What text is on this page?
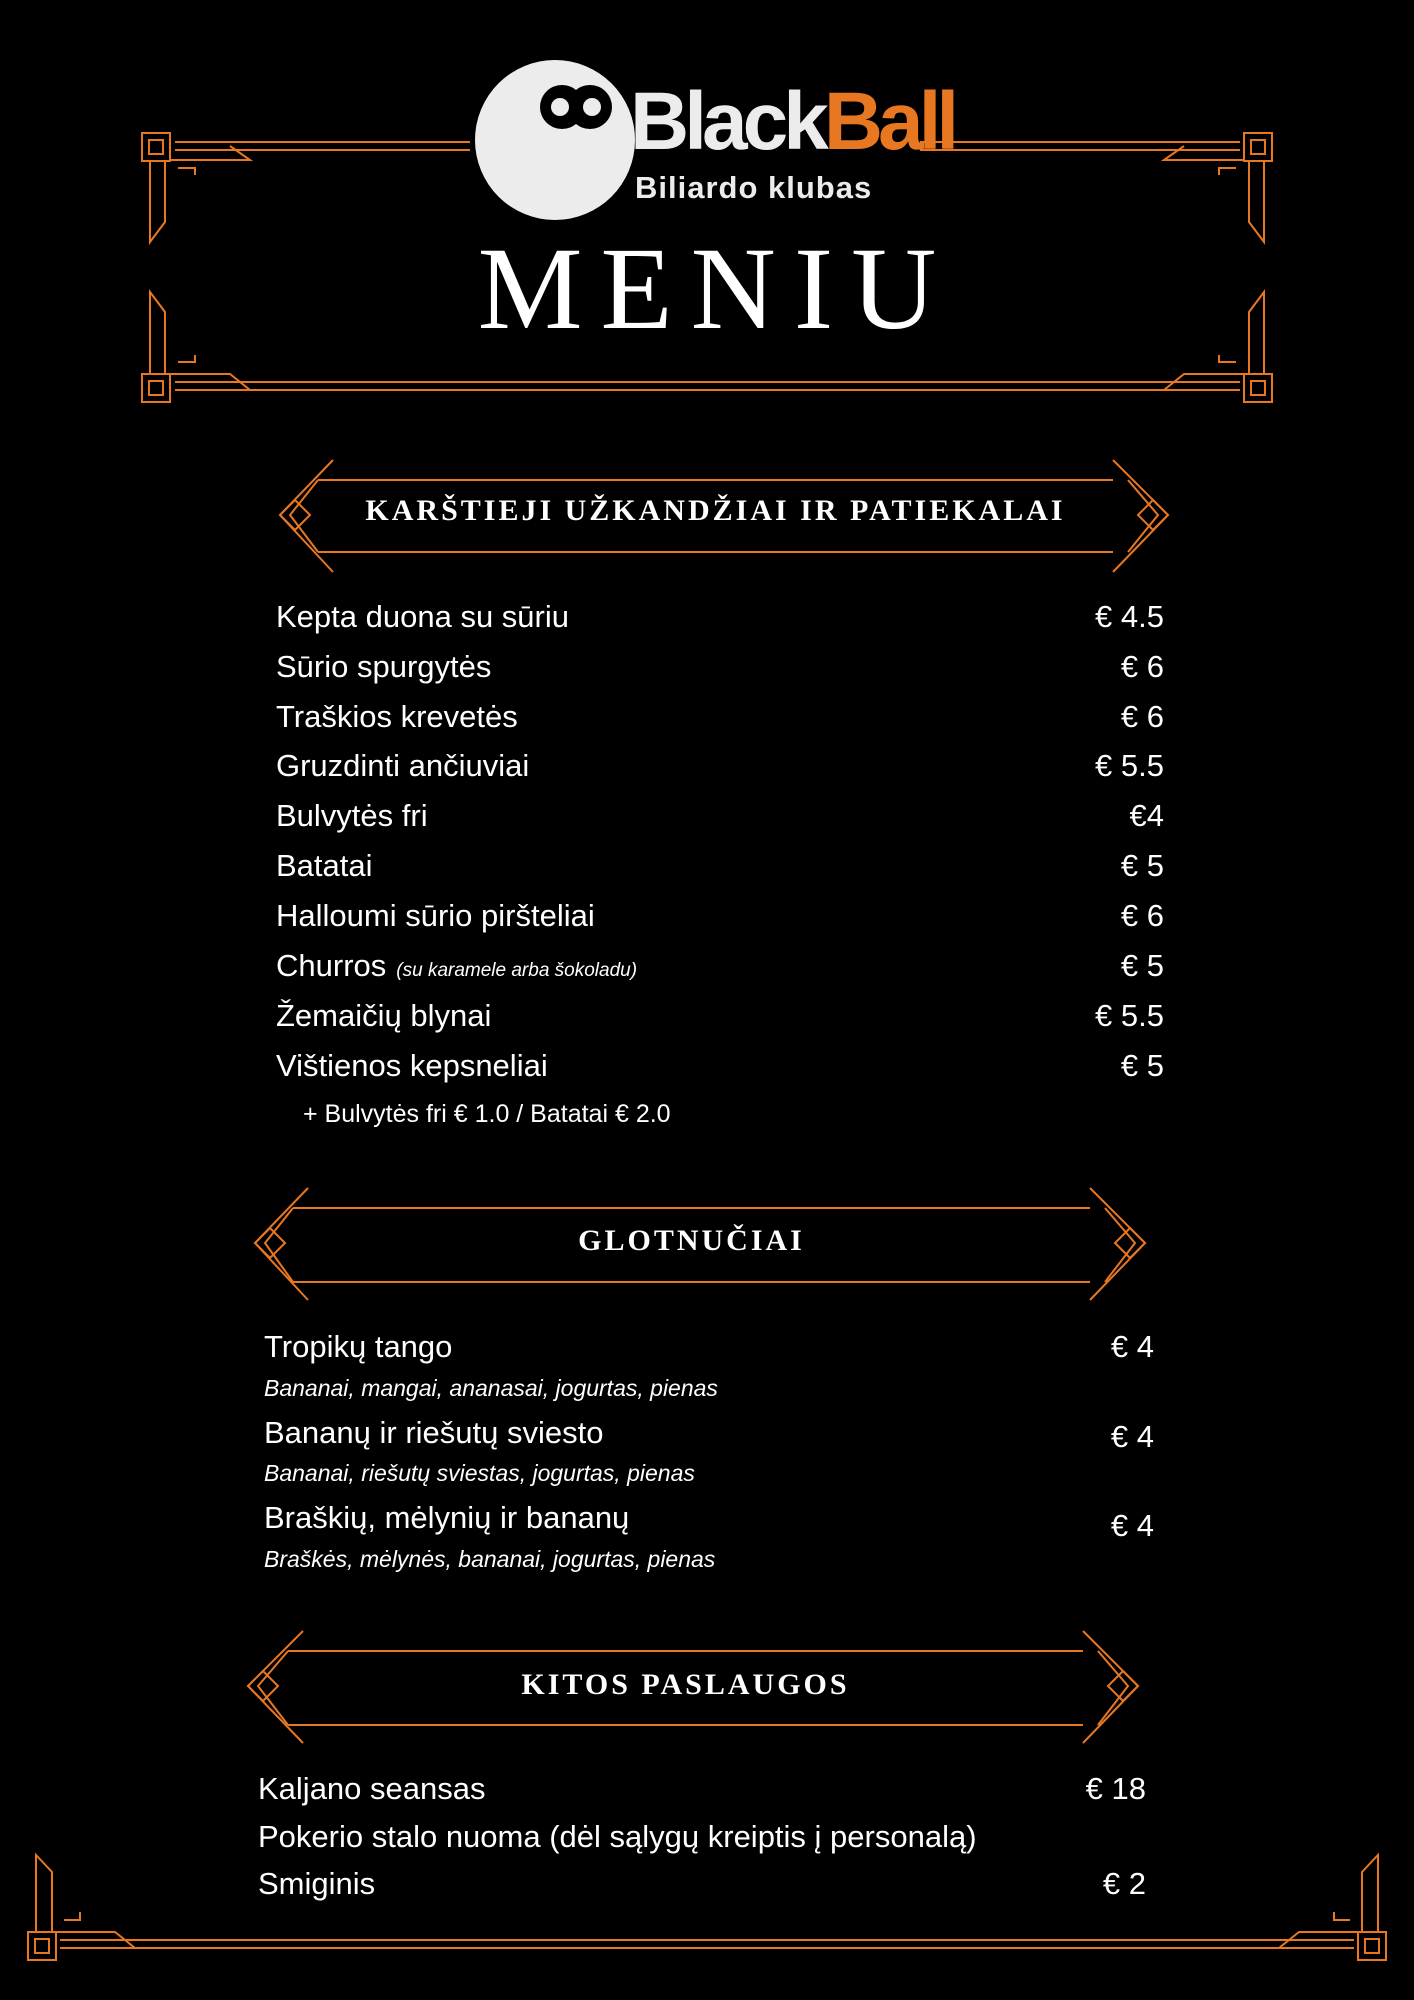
BlackBall
Biliardo klubas
MENIU
KARŠTIEJI UŽKANDŽIAI IR PATIEKALAI
Kepta duona su sūriu	€ 4.5
Sūrio spurgytės	€ 6
Traškios krevetės	€ 6
Gruzdinti ančiuviai	€ 5.5
Bulvytės fri	€4
Batatai	€ 5
Halloumi sūrio piršteliai	€ 6
Churros (su karamele arba šokoladu)	€ 5
Žemaičių blynai	€ 5.5
Vištienos kepsneliai	€ 5
+ Bulvytės fri € 1.0 / Batatai € 2.0
GLOTNUČIAI
Tropikų tango	€ 4
Bananai, mangai, ananasai, jogurtas, pienas
Bananų ir riešutų sviesto	€ 4
Bananai, riešutų sviestas, jogurtas, pienas
Braškių, mėlynių ir bananų	€ 4
Braškės, mėlynės, bananai, jogurtas, pienas
KITOS PASLAUGOS
Kaljano seansas	€ 18
Pokerio stalo nuoma (dėl sąlygų kreiptis į personalą)
Smiginis	€ 2
